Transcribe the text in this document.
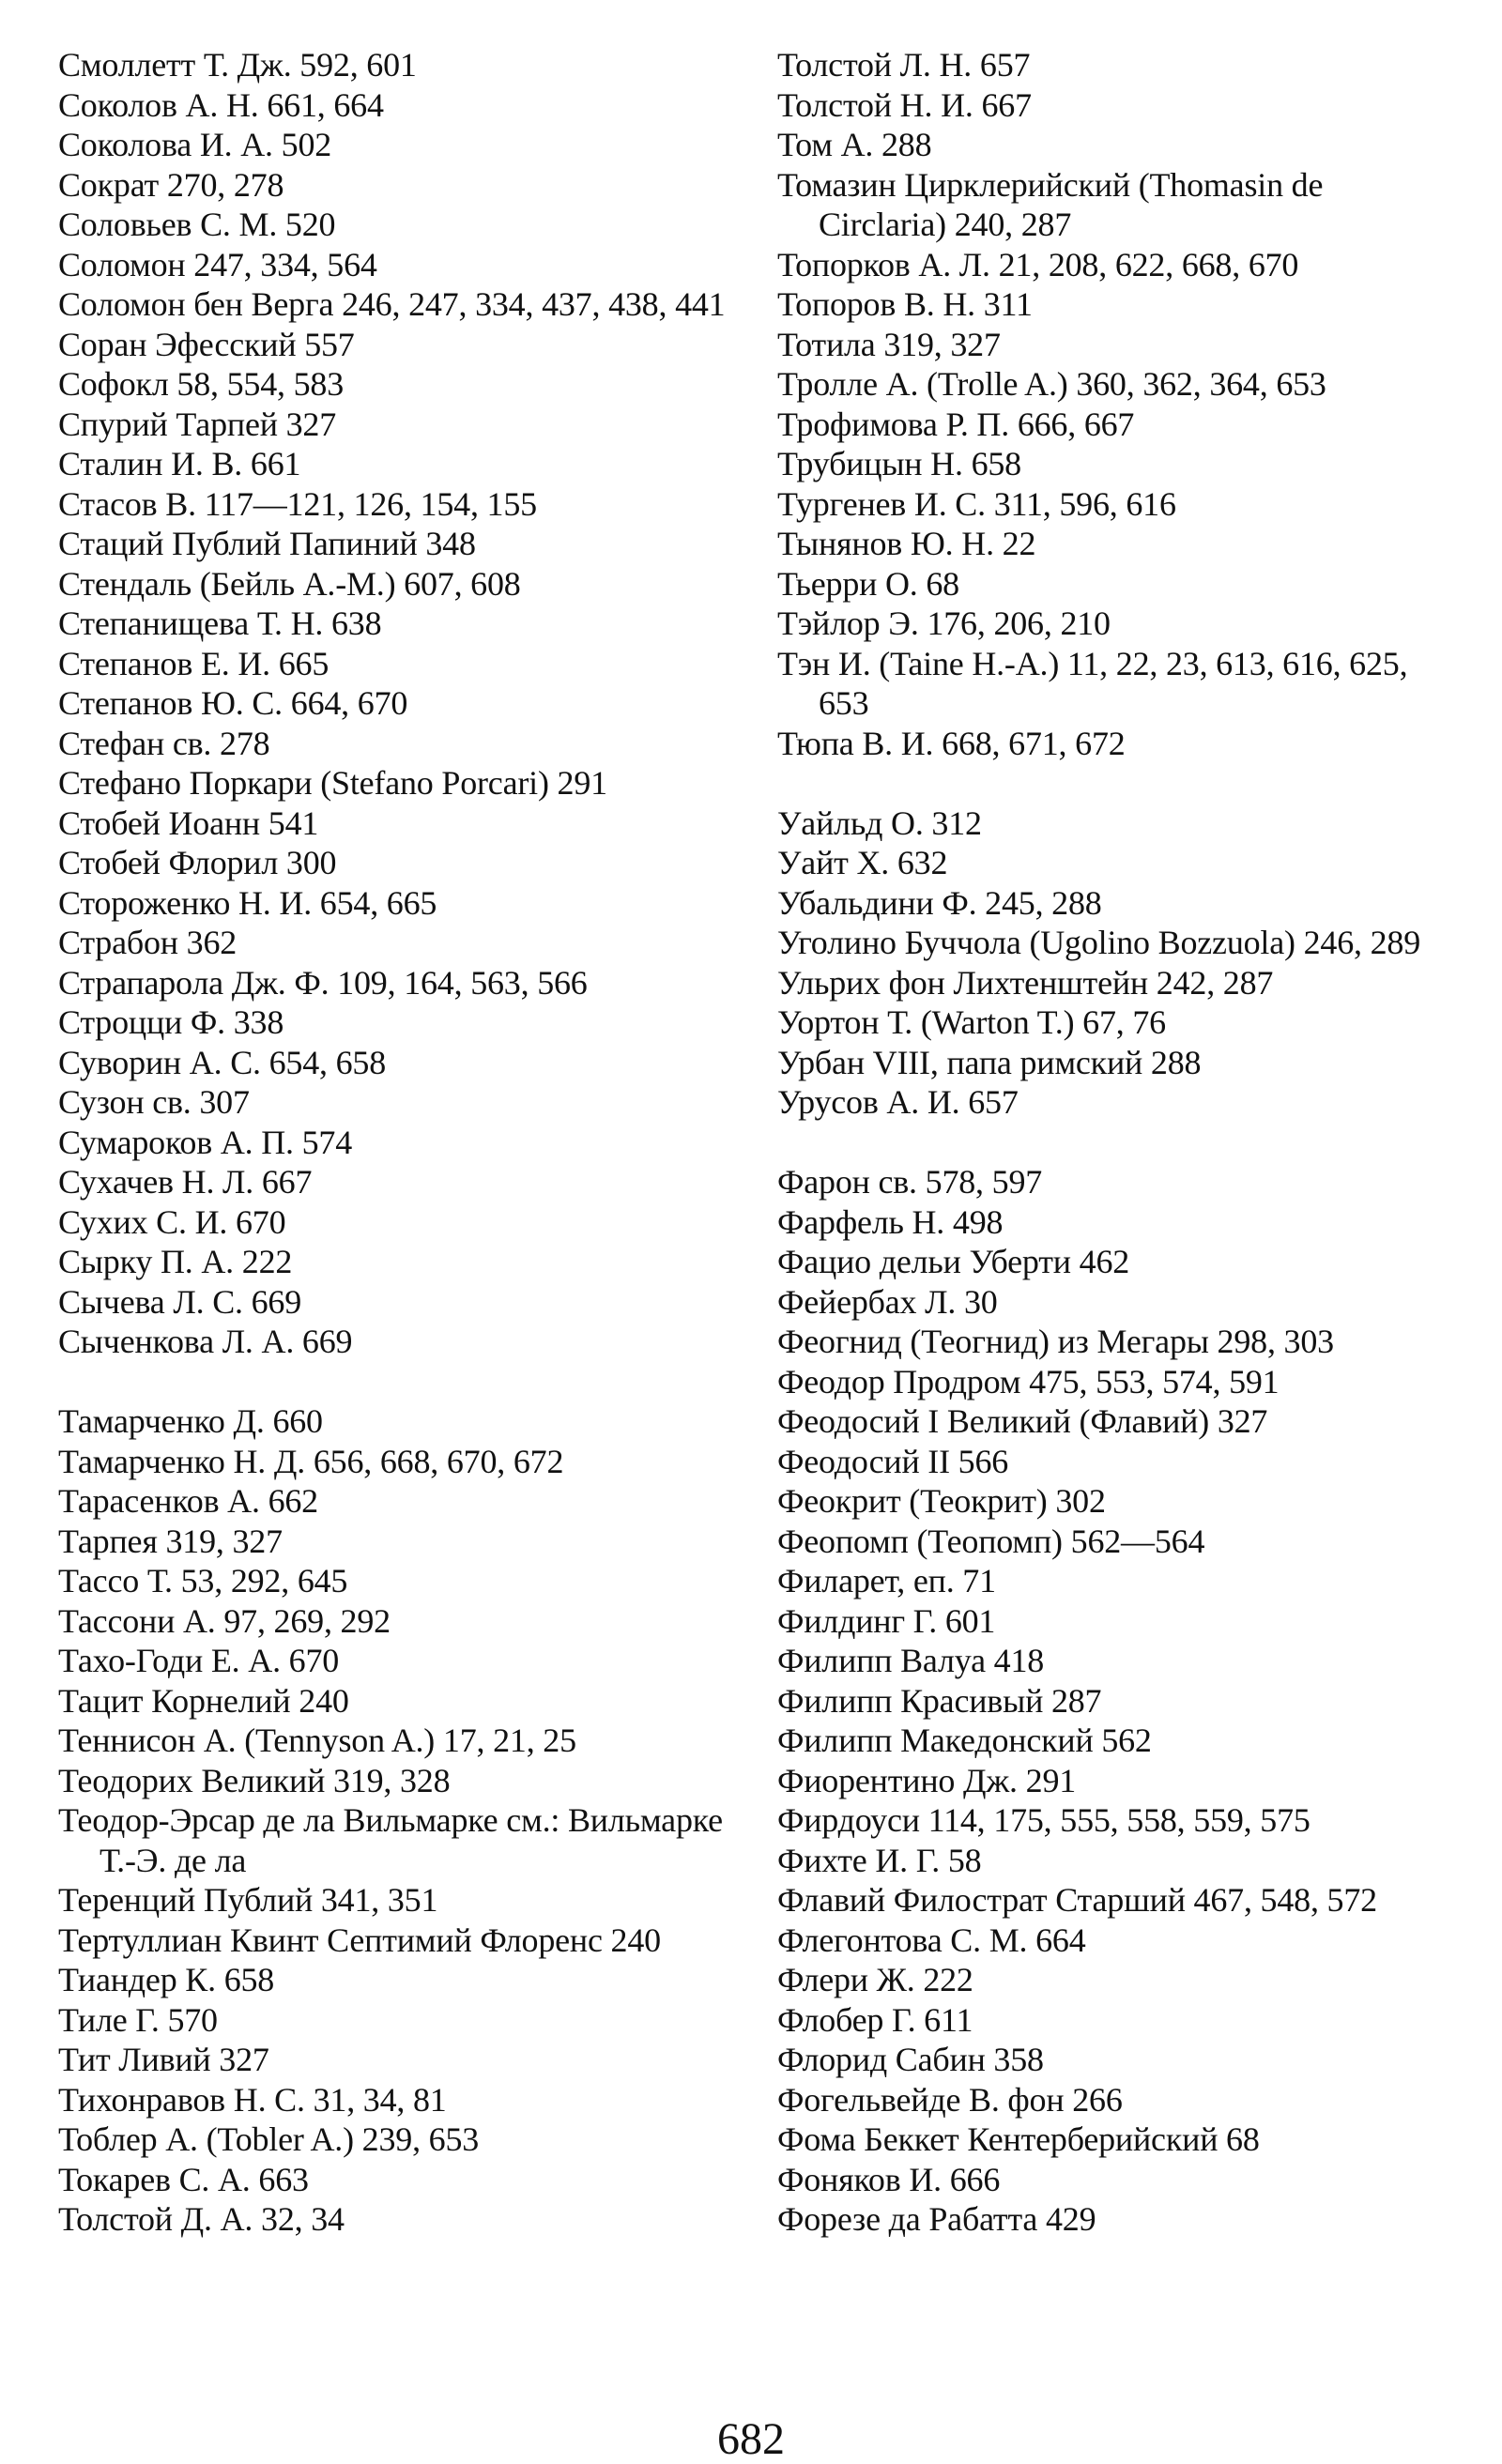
Смоллетт Т. Дж. 592, 601

Соколов А. Н. 661, 664

Соколова И. А. 502

Сократ 270, 278

Соловьев С. М. 520

Соломон 247, 334, 564

Соломон бен Верга 246, 247, 334, 437, 438, 441

Соран Эфесский 557

Софокл 58, 554, 583

Спурий Тарпей 327

Сталин И. В. 661

Стасов В. 117—121, 126, 154, 155

Стаций Публий Папиний 348

Стендаль (Бейль А.-М.) 607, 608

Степанищева Т. Н. 638

Степанов Е. И. 665

Степанов Ю. С. 664, 670

Стефан св. 278

Стефано Поркари (Stefano Porcari) 291

Стобей Иоанн 541

Стобей Флорил 300

Стороженко Н. И. 654, 665

Страбон 362

Страпарола Дж. Ф. 109, 164, 563, 566

Строцци Ф. 338

Суворин А. С. 654, 658

Сузон св. 307

Сумароков А. П. 574

Сухачев Н. Л. 667

Сухих С. И. 670

Сырку П. А. 222

Сычева Л. С. 669

Сыченкова Л. А. 669

Тамарченко Д. 660

Тамарченко Н. Д. 656, 668, 670, 672

Тарасенков А. 662

Тарпея 319, 327

Тассо Т. 53, 292, 645

Тассони А. 97, 269, 292

Тахо-Годи Е. А. 670

Тацит Корнелий 240

Теннисон А. (Tennyson A.) 17, 21, 25

Теодорих Великий 319, 328

Теодор-Эрсар де ла Вильмарке см.: Вильмарке Т.-Э. де ла

Теренций Публий 341, 351

Тертуллиан Квинт Септимий Флоренс 240

Тиандер К. 658

Тиле Г. 570

Тит Ливий 327

Тихонравов Н. С. 31, 34, 81

Тоблер А. (Tobler A.) 239, 653

Токарев С. А. 663

Толстой Д. А. 32, 34

Толстой Л. Н. 657

Толстой Н. И. 667

Том А. 288

Томазин Цирклерийский (Thomasin de Circlaria) 240, 287

Топорков А. Л. 21, 208, 622, 668, 670

Топоров В. Н. 311

Тотила 319, 327

Тролле А. (Trolle A.) 360, 362, 364, 653

Трофимова Р. П. 666, 667

Трубицын Н. 658

Тургенев И. С. 311, 596, 616

Тынянов Ю. Н. 22

Тьерри О. 68

Тэйлор Э. 176, 206, 210

Тэн И. (Taine H.-A.) 11, 22, 23, 613, 616, 625, 653

Тюпа В. И. 668, 671, 672

Уайльд О. 312

Уайт Х. 632

Убальдини Ф. 245, 288

Уголино Буччола (Ugolino Bozzuola) 246, 289

Ульрих фон Лихтенштейн 242, 287

Уортон Т. (Warton T.) 67, 76

Урбан VIII, папа римский 288

Урусов А. И. 657

Фарон св. 578, 597

Фарфель Н. 498

Фацио дельи Уберти 462

Фейербах Л. 30

Феогнид (Теогнид) из Мегары 298, 303

Феодор Продром 475, 553, 574, 591

Феодосий I Великий (Флавий) 327

Феодосий II 566

Феокрит (Теокрит) 302

Феопомп (Теопомп) 562—564

Филарет, еп. 71

Филдинг Г. 601

Филипп Валуа 418

Филипп Красивый 287

Филипп Македонский 562

Фиорентино Дж. 291

Фирдоуси 114, 175, 555, 558, 559, 575

Фихте И. Г. 58

Флавий Филострат Старший 467, 548, 572

Флегонтова С. М. 664

Флери Ж. 222

Флобер Г. 611

Флорид Сабин 358

Фогельвейде В. фон 266

Фома Беккет Кентерберийский 68

Фоняков И. 666

Форезе да Рабатта 429

682
